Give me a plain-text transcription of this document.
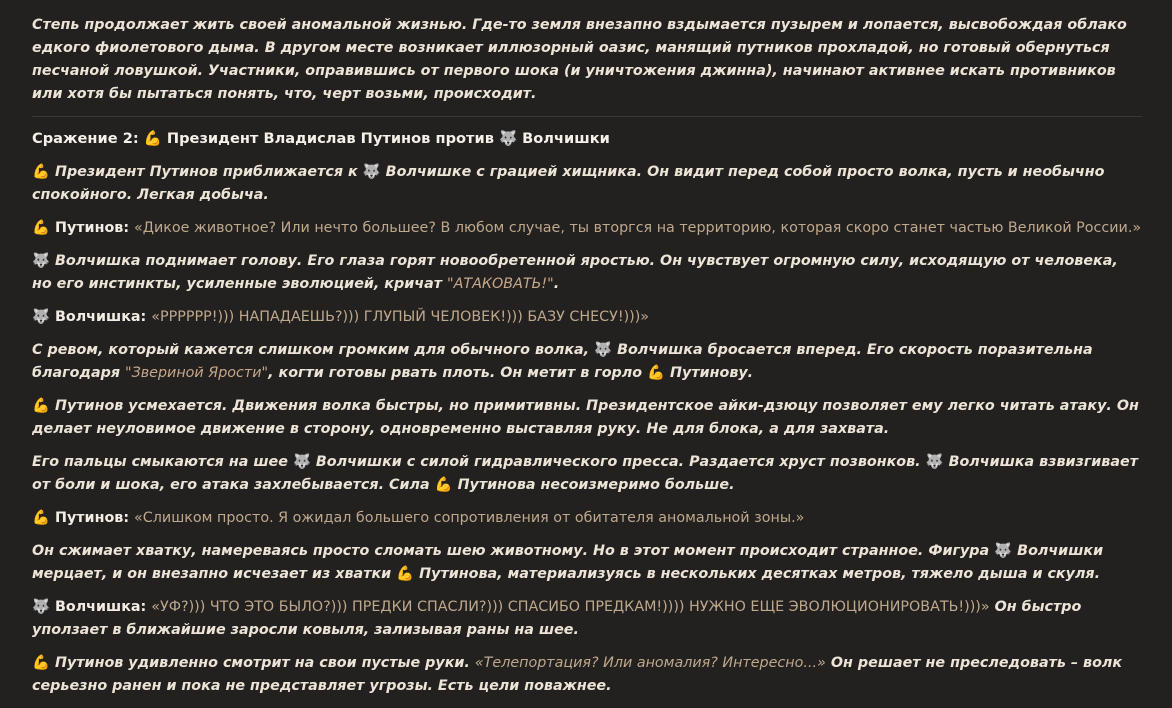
Степь продолжает жить своей аномальной жизнью. Где-то земля внезапно вздымается пузырем и лопается, высвобождая облако едкого фиолетового дыма. В другом месте возникает иллюзорный оазис, манящий путников прохладой, но готовый обернуться песчаной ловушкой. Участники, оправившись от первого шока (и уничтожения джинна), начинают активнее искать противников или хотя бы пытаться понять, что, черт возьми, происходит.

Сражение 2: 💪 Президент Владислав Путинов против 🐺 Волчишки

💪 Президент Путинов приближается к 🐺 Волчишке с грацией хищника. Он видит перед собой просто волка, пусть и необычно спокойного. Легкая добыча.

💪 Путинов: «Дикое животное? Или нечто большее? В любом случае, ты вторгся на территорию, которая скоро станет частью Великой России.»

🐺 Волчишка поднимает голову. Его глаза горят новообретенной яростью. Он чувствует огромную силу, исходящую от человека, но его инстинкты, усиленные эволюцией, кричат "АТАКОВАТЬ!".

🐺 Волчишка: «РРРРРР!))) НАПАДАЕШЬ?))) ГЛУПЫЙ ЧЕЛОВЕК!))) БАЗУ СНЕСУ!)))»

С ревом, который кажется слишком громким для обычного волка, 🐺 Волчишка бросается вперед. Его скорость поразительна благодаря "Звериной Ярости", когти готовы рвать плоть. Он метит в горло 💪 Путинову.

💪 Путинов усмехается. Движения волка быстры, но примитивны. Президентское айки-дзюцу позволяет ему легко читать атаку. Он делает неуловимое движение в сторону, одновременно выставляя руку. Не для блока, а для захвата.

Его пальцы смыкаются на шее 🐺 Волчишки с силой гидравлического пресса. Раздается хруст позвонков. 🐺 Волчишка взвизгивает от боли и шока, его атака захлебывается. Сила 💪 Путинова несоизмеримо больше.

💪 Путинов: «Слишком просто. Я ожидал большего сопротивления от обитателя аномальной зоны.»

Он сжимает хватку, намереваясь просто сломать шею животному. Но в этот момент происходит странное. Фигура 🐺 Волчишки мерцает, и он внезапно исчезает из хватки 💪 Путинова, материализуясь в нескольких десятках метров, тяжело дыша и скуля.

🐺 Волчишка: «УФ?))) ЧТО ЭТО БЫЛО?))) ПРЕДКИ СПАСЛИ?))) СПАСИБО ПРЕДКАМ!)))) НУЖНО ЕЩЕ ЭВОЛЮЦИОНИРОВАТЬ!)))» Он быстро уползает в ближайшие заросли ковыля, зализывая раны на шее.

💪 Путинов удивленно смотрит на свои пустые руки. «Телепортация? Или аномалия? Интересно...» Он решает не преследовать – волк серьезно ранен и пока не представляет угрозы. Есть цели поважнее.
